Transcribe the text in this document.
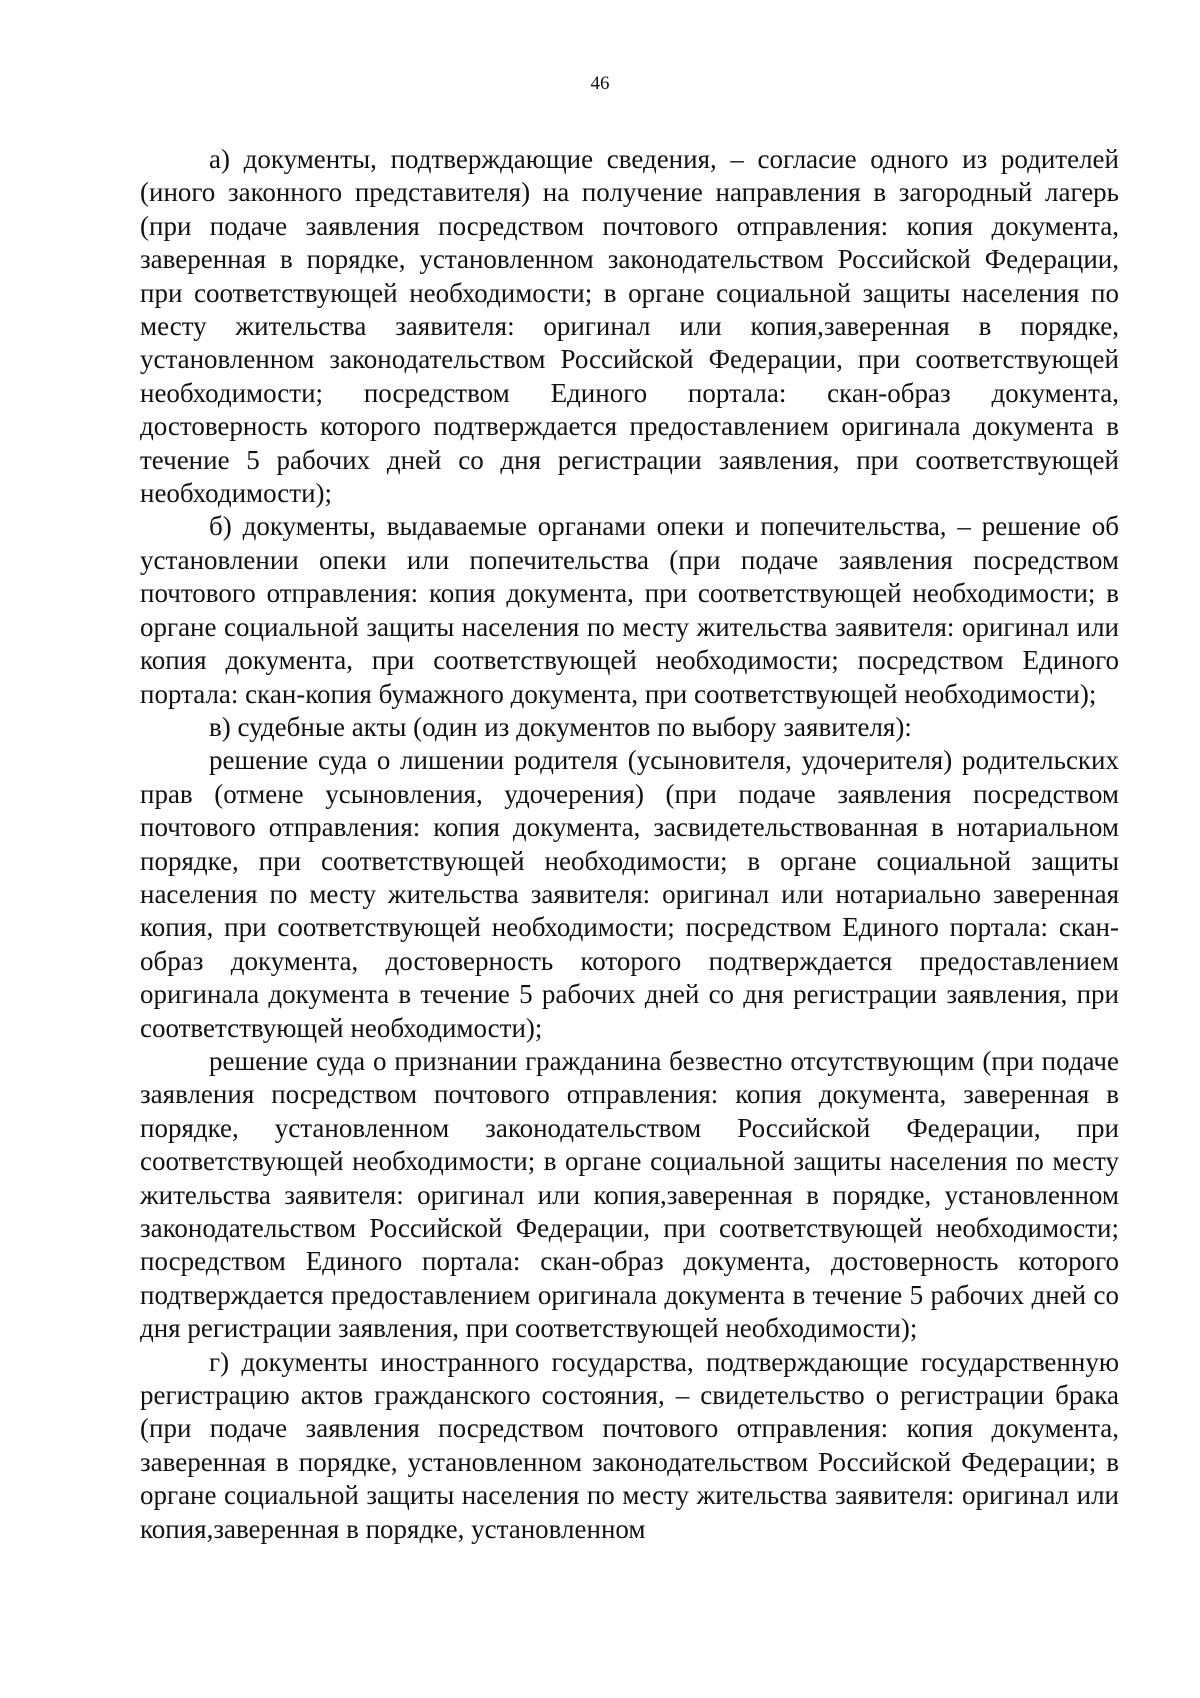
46

а) документы, подтверждающие сведения, – согласие одного из родителей (иного законного представителя) на получение направления в загородный лагерь (при подаче заявления посредством почтового отправления: копия документа, заверенная в порядке, установленном законодательством Российской Федерации, при соответствующей необходимости; в органе социальной защиты населения по месту жительства заявителя: оригинал или копия,заверенная в порядке, установленном законодательством Российской Федерации, при соответствующей необходимости; посредством Единого портала: скан-образ документа, достоверность которого подтверждается предоставлением оригинала документа в течение 5 рабочих дней со дня регистрации заявления, при соответствующей необходимости);

б) документы, выдаваемые органами опеки и попечительства, – решение об установлении опеки или попечительства (при подаче заявления посредством почтового отправления: копия документа, при соответствующей необходимости; в органе социальной защиты населения по месту жительства заявителя: оригинал или копия документа, при соответствующей необходимости; посредством Единого портала: скан-копия бумажного документа, при соответствующей необходимости);

в) судебные акты (один из документов по выбору заявителя):

решение суда о лишении родителя (усыновителя, удочерителя) родительских прав (отмене усыновления, удочерения) (при подаче заявления посредством почтового отправления: копия документа, засвидетельствованная в нотариальном порядке, при соответствующей необходимости; в органе социальной защиты населения по месту жительства заявителя: оригинал или нотариально заверенная копия, при соответствующей необходимости; посредством Единого портала: скан-образ документа, достоверность которого подтверждается предоставлением оригинала документа в течение 5 рабочих дней со дня регистрации заявления, при соответствующей необходимости);

решение суда о признании гражданина безвестно отсутствующим (при подаче заявления посредством почтового отправления: копия документа, заверенная в порядке, установленном законодательством Российской Федерации, при соответствующей необходимости; в органе социальной защиты населения по месту жительства заявителя: оригинал или копия,заверенная в порядке, установленном законодательством Российской Федерации, при соответствующей необходимости; посредством Единого портала: скан-образ документа, достоверность которого подтверждается предоставлением оригинала документа в течение 5 рабочих дней со дня регистрации заявления, при соответствующей необходимости);

г) документы иностранного государства, подтверждающие государственную регистрацию актов гражданского состояния, – свидетельство о регистрации брака (при подаче заявления посредством почтового отправления: копия документа, заверенная в порядке, установленном законодательством Российской Федерации; в органе социальной защиты населения по месту жительства заявителя: оригинал или копия,заверенная в порядке, установленном
